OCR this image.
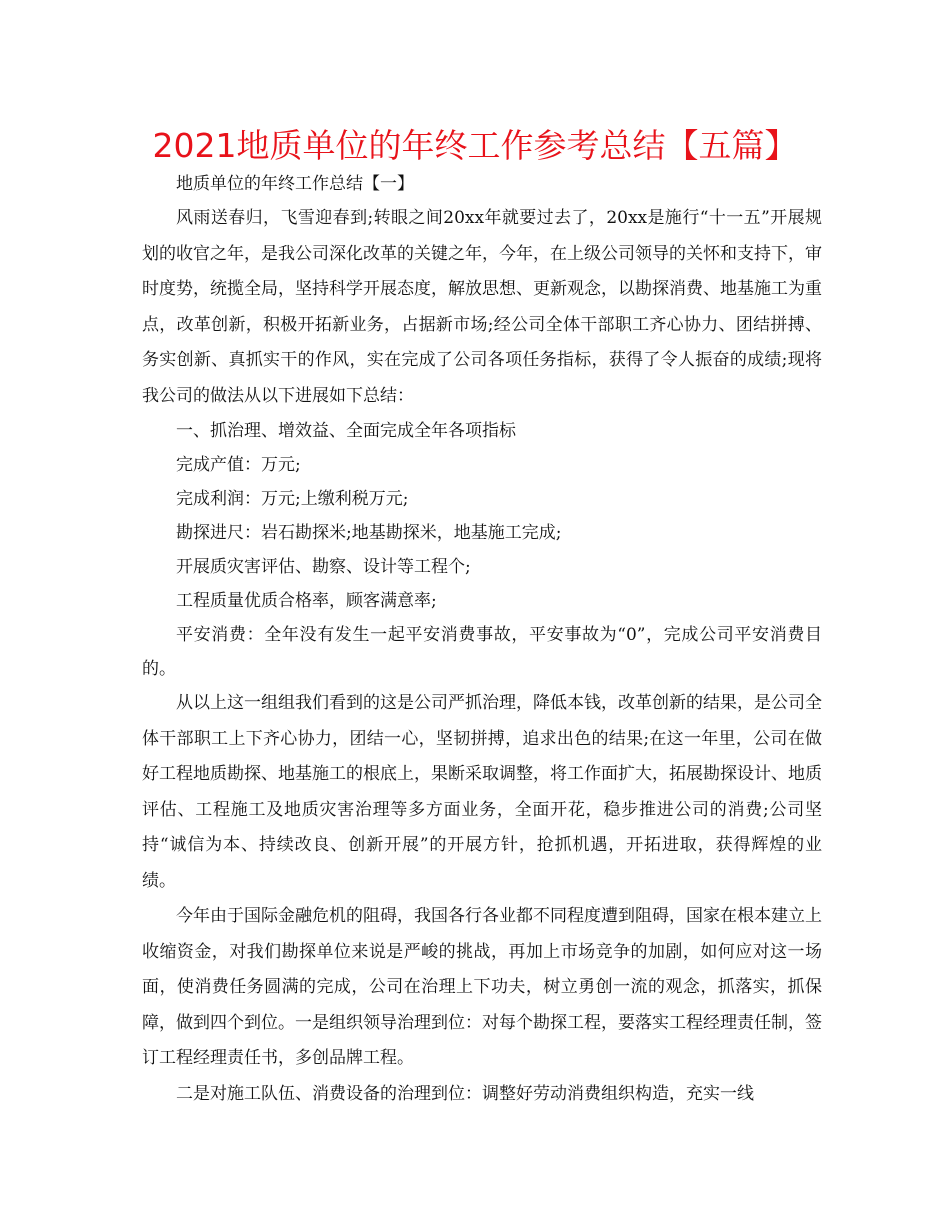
2021地质单位的年终工作参考总结【五篇】

地质单位的年终工作总结【一】

风雨送春归，飞雪迎春到;转眼之间20xx年就要过去了，20xx是施行“十一五”开展规划的收官之年，是我公司深化改革的关键之年，今年，在上级公司领导的关怀和支持下，审时度势，统揽全局，坚持科学开展态度，解放思想、更新观念，以勘探消费、地基施工为重点，改革创新，积极开拓新业务，占据新市场;经公司全体干部职工齐心协力、团结拼搏、务实创新、真抓实干的作风，实在完成了公司各项任务指标，获得了令人振奋的成绩;现将我公司的做法从以下进展如下总结：

一、抓治理、增效益、全面完成全年各项指标

完成产值：万元;

完成利润：万元;上缴利税万元;

勘探进尺：岩石勘探米;地基勘探米，地基施工完成;

开展质灾害评估、勘察、设计等工程个;

工程质量优质合格率，顾客满意率;

平安消费：全年没有发生一起平安消费事故，平安事故为“0”，完成公司平安消费目的。

从以上这一组组我们看到的这是公司严抓治理，降低本钱，改革创新的结果，是公司全体干部职工上下齐心协力，团结一心，坚韧拼搏，追求出色的结果;在这一年里，公司在做好工程地质勘探、地基施工的根底上，果断采取调整，将工作面扩大，拓展勘探设计、地质评估、工程施工及地质灾害治理等多方面业务，全面开花，稳步推进公司的消费;公司坚持“诚信为本、持续改良、创新开展”的开展方针，抢抓机遇，开拓进取，获得辉煌的业绩。

今年由于国际金融危机的阻碍，我国各行各业都不同程度遭到阻碍，国家在根本建立上收缩资金，对我们勘探单位来说是严峻的挑战，再加上市场竞争的加剧，如何应对这一场面，使消费任务圆满的完成，公司在治理上下功夫，树立勇创一流的观念，抓落实，抓保障，做到四个到位。一是组织领导治理到位：对每个勘探工程，要落实工程经理责任制，签订工程经理责任书，多创品牌工程。

二是对施工队伍、消费设备的治理到位：调整好劳动消费组织构造，充实一线
